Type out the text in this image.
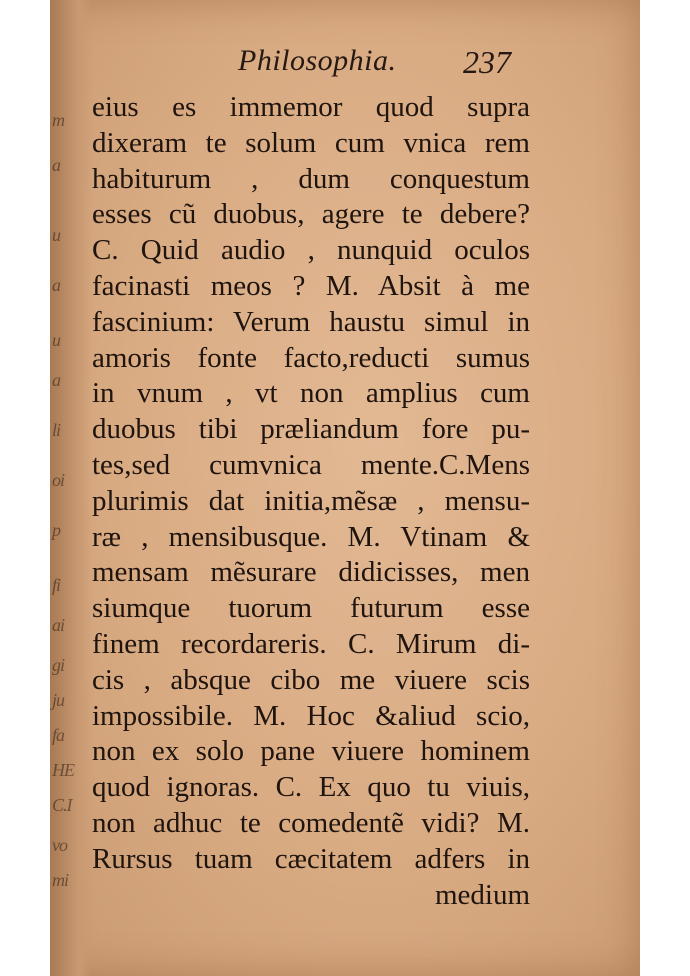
m
a
u
a
u
a
li
oi
p
fi
ai
gi
ju
fa
HE
C.I
vo
mi
Philosophia. 237
eius es immemor quod supra
dixeram te solum cum vnica rem
habiturum , dum conquestum
esses cũ duobus, agere te debere?
C. Quid audio , nunquid oculos
facinasti meos ? M. Absit à me
fascinium: Verum haustu simul in
amoris fonte facto,reducti sumus
in vnum , vt non amplius cum
duobus tibi præliandum fore pu-
tes,sed cumvnica mente.C.Mens
plurimis dat initia,mẽsæ , mensu-
ræ , mensibusque. M. Vtinam &
mensam mẽsurare didicisses, men
siumque tuorum futurum esse
finem recordareris. C. Mirum di-
cis , absque cibo me viuere scis
impossibile. M. Hoc &aliud scio,
non ex solo pane viuere hominem
quod ignoras. C. Ex quo tu viuis,
non adhuc te comedentẽ vidi? M.
Rursus tuam cæcitatem adfers in
medium
